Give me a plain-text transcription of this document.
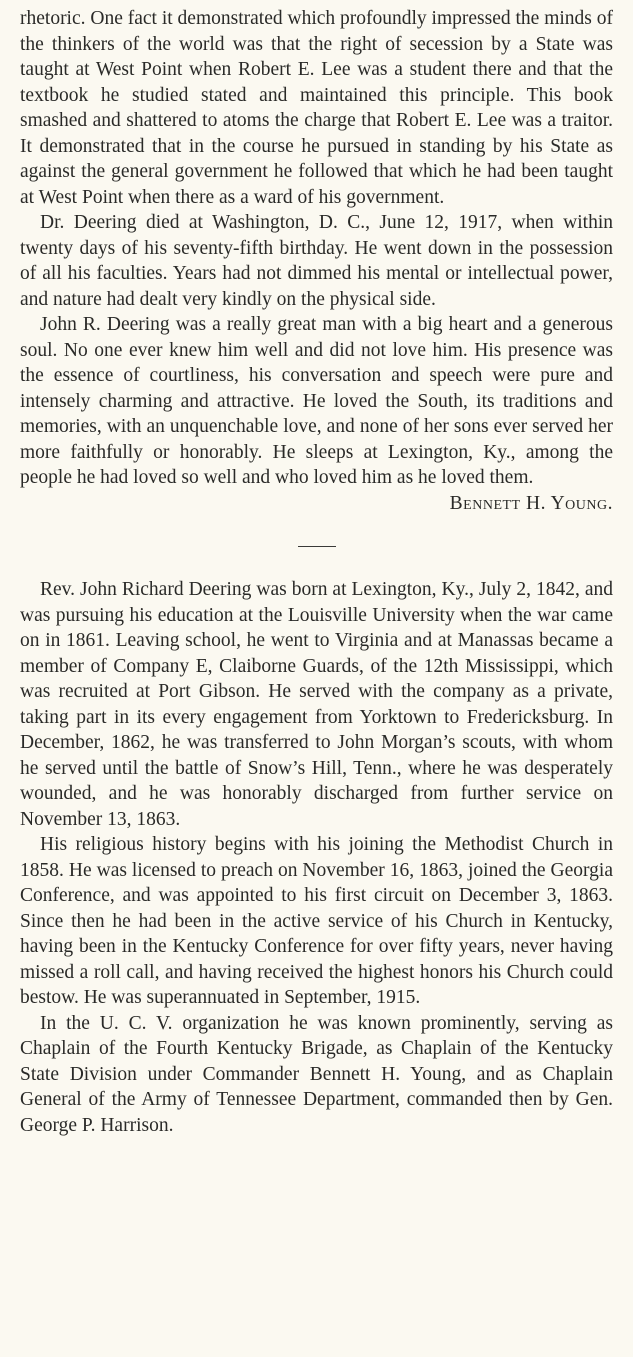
rhetoric. One fact it demonstrated which profoundly impressed the minds of the thinkers of the world was that the right of secession by a State was taught at West Point when Robert E. Lee was a student there and that the textbook he studied stated and maintained this principle. This book smashed and shattered to atoms the charge that Robert E. Lee was a traitor. It demonstrated that in the course he pursued in standing by his State as against the general government he followed that which he had been taught at West Point when there as a ward of his government.

Dr. Deering died at Washington, D. C., June 12, 1917, when within twenty days of his seventy-fifth birthday. He went down in the possession of all his faculties. Years had not dimmed his mental or intellectual power, and nature had dealt very kindly on the physical side.

John R. Deering was a really great man with a big heart and a generous soul. No one ever knew him well and did not love him. His presence was the essence of courtliness, his conversation and speech were pure and intensely charming and attractive. He loved the South, its traditions and memories, with an unquenchable love, and none of her sons ever served her more faithfully or honorably. He sleeps at Lexington, Ky., among the people he had loved so well and who loved him as he loved them.
Bennett H. Young.

Rev. John Richard Deering was born at Lexington, Ky., July 2, 1842, and was pursuing his education at the Louisville University when the war came on in 1861. Leaving school, he went to Virginia and at Manassas became a member of Company E, Claiborne Guards, of the 12th Mississippi, which was recruited at Port Gibson. He served with the company as a private, taking part in its every engagement from Yorktown to Fredericksburg. In December, 1862, he was transferred to John Morgan’s scouts, with whom he served until the battle of Snow’s Hill, Tenn., where he was desperately wounded, and he was honorably discharged from further service on November 13, 1863.

His religious history begins with his joining the Methodist Church in 1858. He was licensed to preach on November 16, 1863, joined the Georgia Conference, and was appointed to his first circuit on December 3, 1863. Since then he had been in the active service of his Church in Kentucky, having been in the Kentucky Conference for over fifty years, never having missed a roll call, and having received the highest honors his Church could bestow. He was superannuated in September, 1915.

In the U. C. V. organization he was known prominently, serving as Chaplain of the Fourth Kentucky Brigade, as Chaplain of the Kentucky State Division under Commander Bennett H. Young, and as Chaplain General of the Army of Tennessee Department, commanded then by Gen. George P. Harrison.
